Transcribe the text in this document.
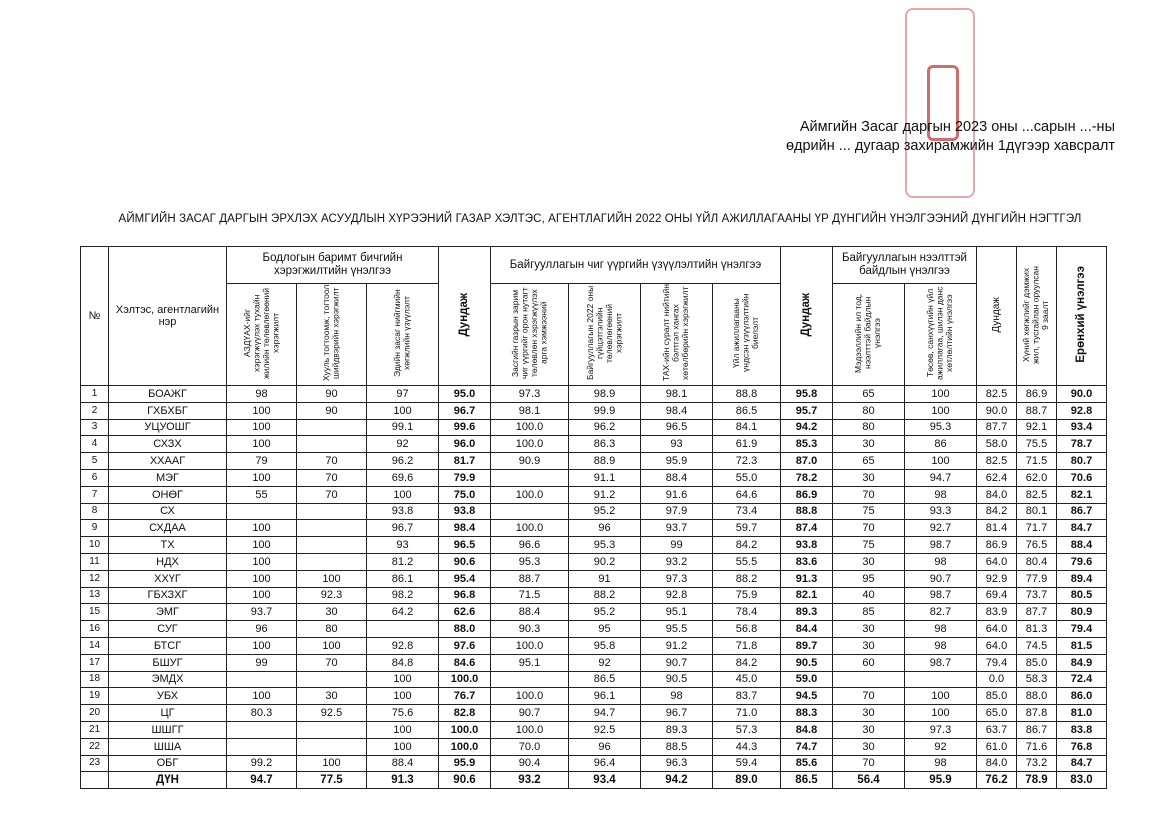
Аймгийн Засаг даргын 2023 оны ...сарын ...-ны
өдрийн ... дугаар захирамжийн 1дүгээр хавсралт
АЙМГИЙН ЗАСАГ ДАРГЫН ЭРХЛЭХ АСУУДЛЫН ХҮРЭЭНИЙ ГАЗАР ХЭЛТЭС, АГЕНТЛАГИЙН 2022 ОНЫ ҮЙЛ АЖИЛЛАГААНЫ ҮР ДҮНГИЙН ҮНЭЛГЭЭНИЙ ДҮНГИЙН НЭГТГЭЛ
№	Хэлтэс, агентлагийн нэр	Бодлогын баримт бичгийн хэрэгжилтийн үнэлгээ			Дундаж	Байгууллагын чиг үүргийн үзүүлэлтийн үнэлгээ				Дундаж	Байгууллагын нээлттэй байдлын үнэлгээ		Дундаж	Хүний хөгжлийг дэмжих жил, тусгайлан оруулсан 9 заалт	Ерөнхий үнэлгээ
		АЗДҮАХ-ийг хэрэгжүүлэх тухайн жилийн төлөвлөгөөний хэрэгжилт	Хууль тогтоомж, тогтоол шийдвэрийн хэрэгжилт	Эдийн засаг нийгмийн хөгжлийн үзүүлэлт		Засгийн газрын зарим чиг үүргийг орон нутагт төлөвлөн хэрэгжүүлэх арга хэмжээний	Байгууллагын 2022 оны гүйцэтгэлийн төлөвлөгөөний хэрэгжилт	ТАХ-ийн суралт нийтийн бэлтгэл хангах хөтөлбөрийн хэрэгжилт	Үйл ажиллагааны үндсэн үзүүлэлтийн биелэлт		Мэдээллийн ил тод, нээлттэй байдлын үнэлгээ	Төсөв, санхүүгийн үйл ажиллагаа, шилэн данс хөтлөлтийн үнэлгээ			
1	БОАЖГ	98	90	97	95.0	97.3	98.9	98.1	88.8	95.8	65	100	82.5	86.9	90.0
2	ГХБХБГ	100	90	100	96.7	98.1	99.9	98.4	86.5	95.7	80	100	90.0	88.7	92.8
3	УЦУОШГ	100		99.1	99.6	100.0	96.2	96.5	84.1	94.2	80	95.3	87.7	92.1	93.4
4	СХЗХ	100		92	96.0	100.0	86.3	93	61.9	85.3	30	86	58.0	75.5	78.7
5	ХХААГ	79	70	96.2	81.7	90.9	88.9	95.9	72.3	87.0	65	100	82.5	71.5	80.7
6	МЭГ	100	70	69.6	79.9		91.1	88.4	55.0	78.2	30	94.7	62.4	62.0	70.6
7	ОНӨГ	55	70	100	75.0	100.0	91.2	91.6	64.6	86.9	70	98	84.0	82.5	82.1
8	СХ			93.8	93.8		95.2	97.9	73.4	88.8	75	93.3	84.2	80.1	86.7
9	СХДАА	100		96.7	98.4	100.0	96	93.7	59.7	87.4	70	92.7	81.4	71.7	84.7
10	ТХ	100		93	96.5	96.6	95.3	99	84.2	93.8	75	98.7	86.9	76.5	88.4
11	НДХ	100		81.2	90.6	95.3	90.2	93.2	55.5	83.6	30	98	64.0	80.4	79.6
12	ХХҮГ	100	100	86.1	95.4	88.7	91	97.3	88.2	91.3	95	90.7	92.9	77.9	89.4
13	ГБХЗХГ	100	92.3	98.2	96.8	71.5	88.2	92.8	75.9	82.1	40	98.7	69.4	73.7	80.5
15	ЭМГ	93.7	30	64.2	62.6	88.4	95.2	95.1	78.4	89.3	85	82.7	83.9	87.7	80.9
16	СУГ	96	80		88.0	90.3	95	95.5	56.8	84.4	30	98	64.0	81.3	79.4
14	БТСГ	100	100	92.8	97.6	100.0	95.8	91.2	71.8	89.7	30	98	64.0	74.5	81.5
17	БШУГ	99	70	84.8	84.6	95.1	92	90.7	84.2	90.5	60	98.7	79.4	85.0	84.9
18	ЭМДХ			100	100.0		86.5	90.5	45.0	59.0			0.0	58.3	72.4
19	УБХ	100	30	100	76.7	100.0	96.1	98	83.7	94.5	70	100	85.0	88.0	86.0
20	ЦГ	80.3	92.5	75.6	82.8	90.7	94.7	96.7	71.0	88.3	30	100	65.0	87.8	81.0
21	ШШГГ			100	100.0	100.0	92.5	89.3	57.3	84.8	30	97.3	63.7	86.7	83.8
22	ШША			100	100.0	70.0	96	88.5	44.3	74.7	30	92	61.0	71.6	76.8
23	ОБГ	99.2	100	88.4	95.9	90.4	96.4	96.3	59.4	85.6	70	98	84.0	73.2	84.7
	ДҮН	94.7	77.5	91.3	90.6	93.2	93.4	94.2	89.0	86.5	56.4	95.9	76.2	78.9	83.0
